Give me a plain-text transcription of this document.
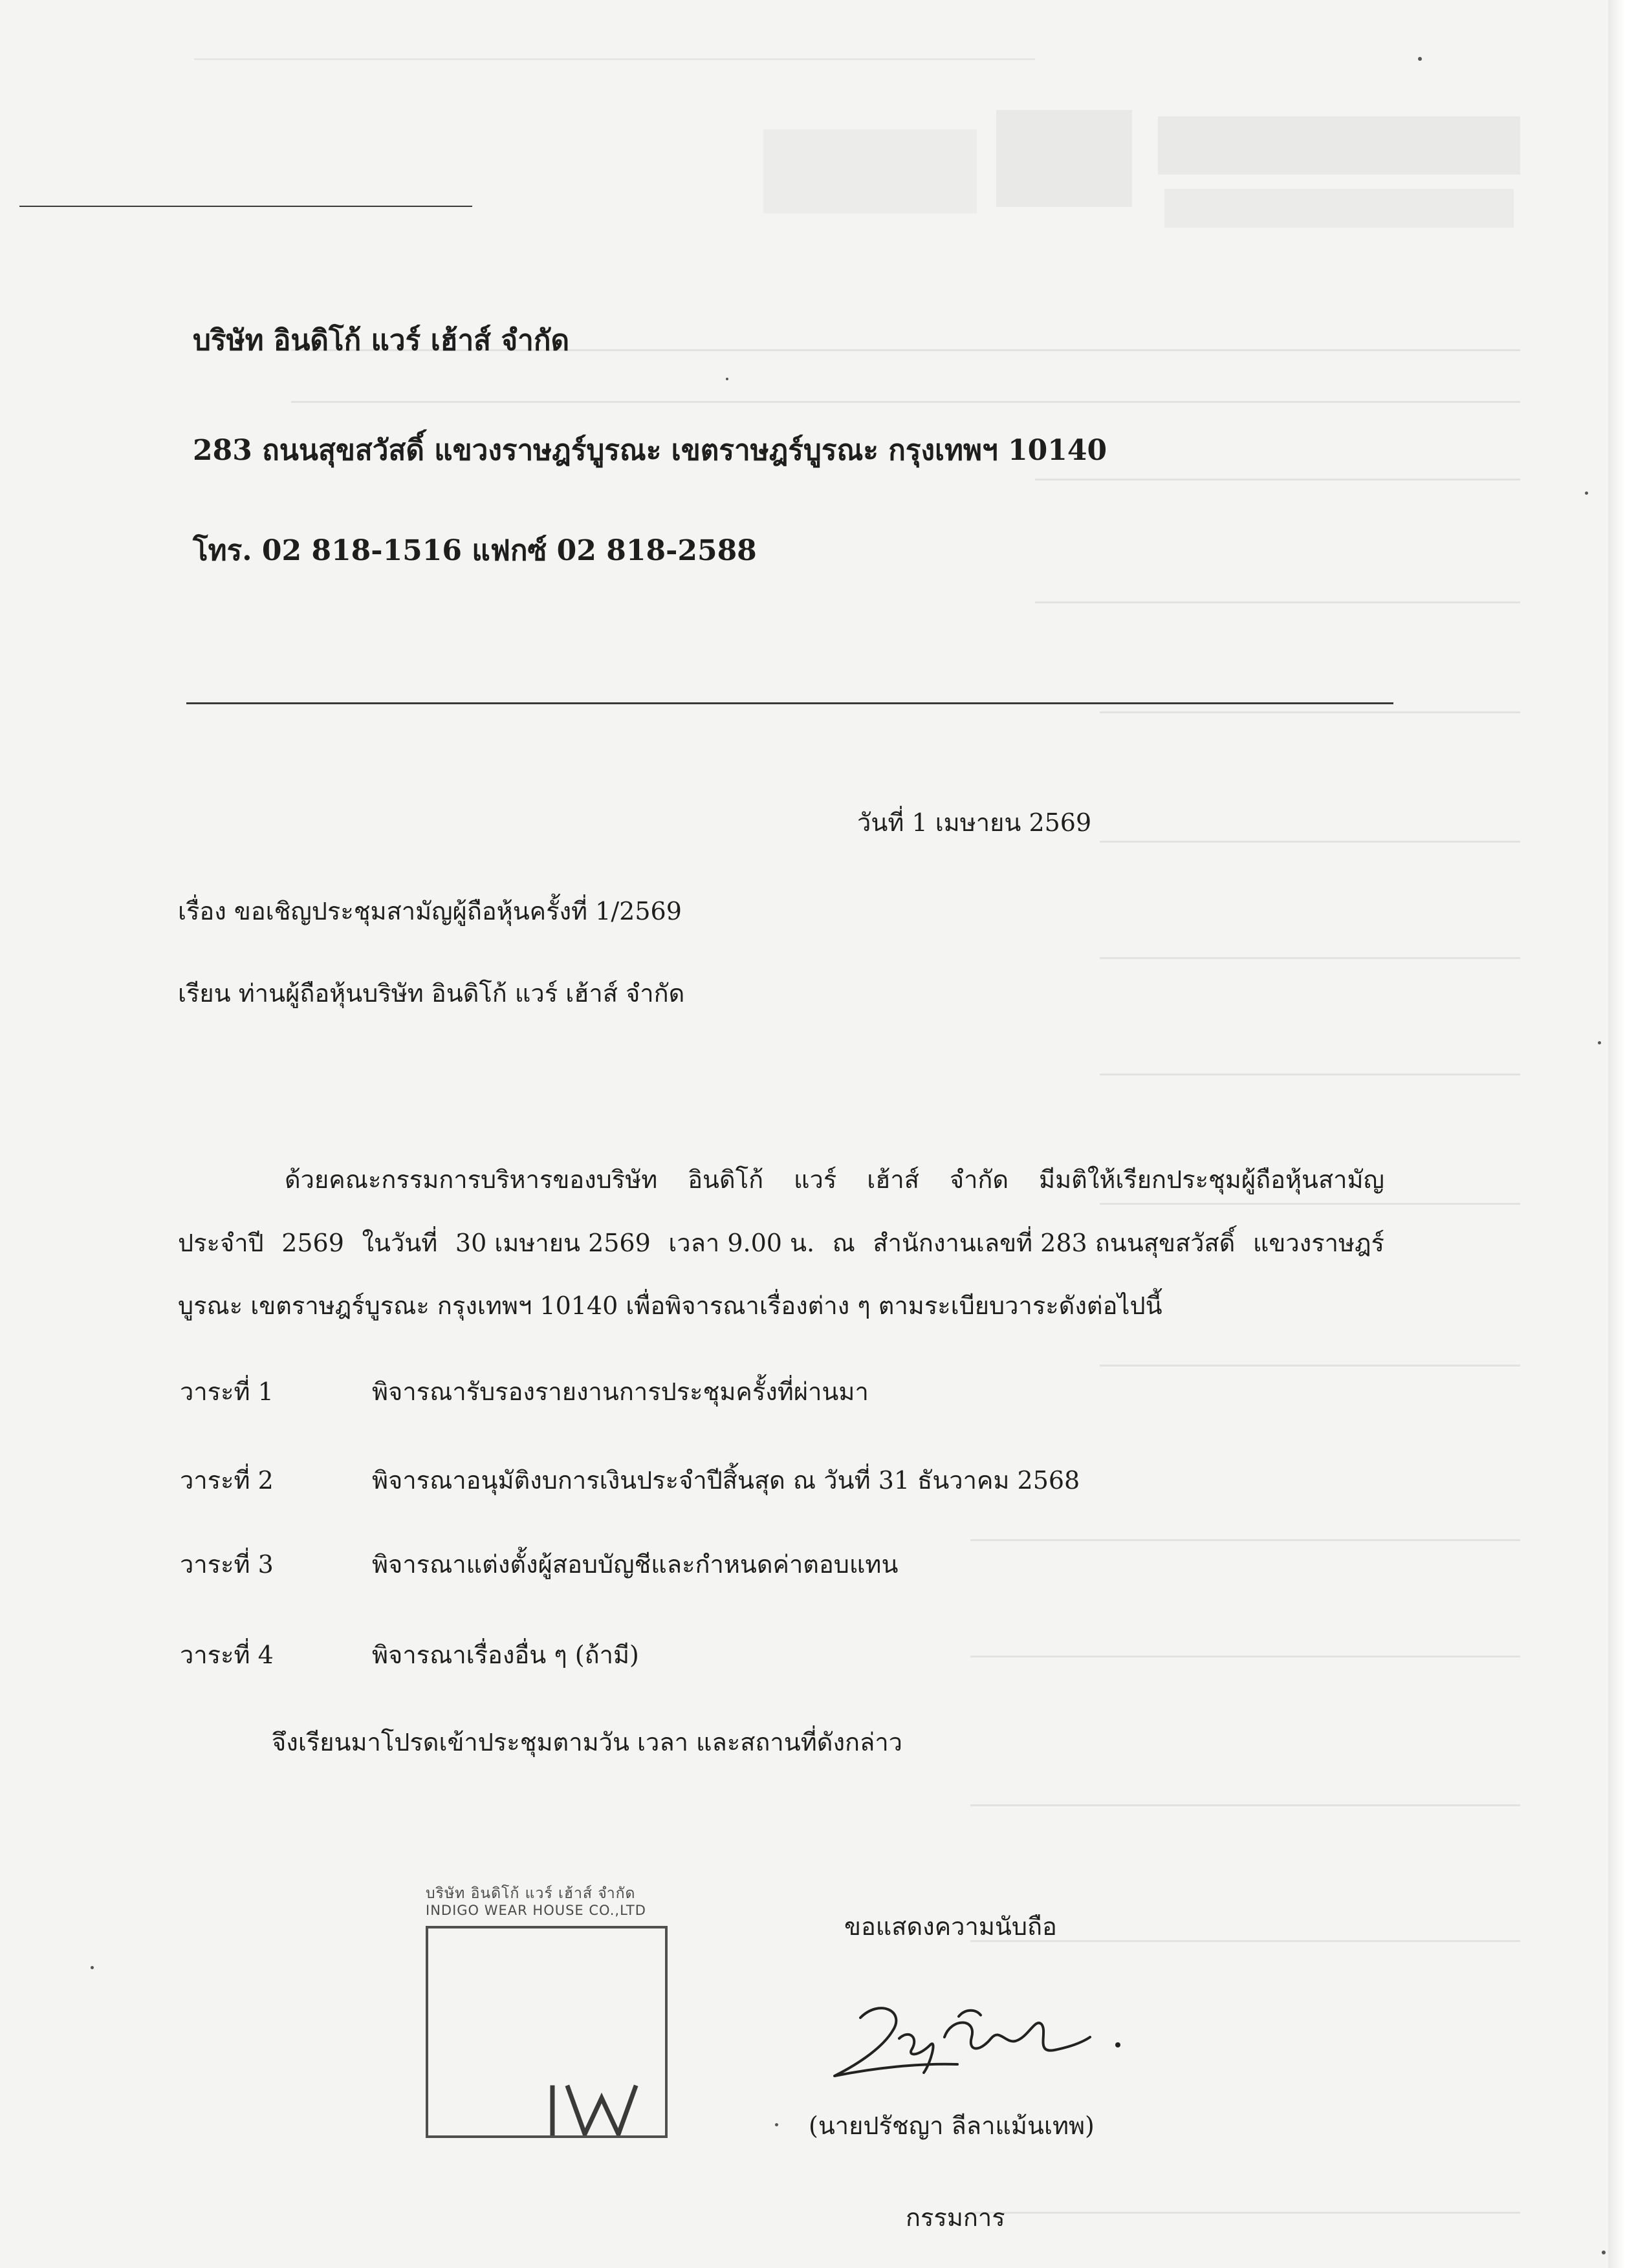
บริษัท อินดิโก้ แวร์ เฮ้าส์ จำกัด
283 ถนนสุขสวัสดิ์ แขวงราษฎร์บูรณะ เขตราษฎร์บูรณะ กรุงเทพฯ 10140
โทร. 02 818-1516 แฟกซ์ 02 818-2588
วันที่ 1 เมษายน 2569
เรื่อง ขอเชิญประชุมสามัญผู้ถือหุ้นครั้งที่ 1/2569
เรียน ท่านผู้ถือหุ้นบริษัท อินดิโก้ แวร์ เฮ้าส์ จำกัด
ด้วยคณะกรรมการบริหารของบริษัท อินดิโก้ แวร์ เฮ้าส์ จำกัด มีมติให้เรียกประชุมผู้ถือหุ้นสามัญ
ประจำปี 2569 ในวันที่ 30 เมษายน 2569 เวลา 9.00 น. ณ สำนักงานเลขที่ 283 ถนนสุขสวัสดิ์ แขวงราษฎร์
บูรณะ เขตราษฎร์บูรณะ กรุงเทพฯ 10140 เพื่อพิจารณาเรื่องต่าง ๆ ตามระเบียบวาระดังต่อไปนี้
วาระที่ 1	พิจารณารับรองรายงานการประชุมครั้งที่ผ่านมา
วาระที่ 2	พิจารณาอนุมัติงบการเงินประจำปีสิ้นสุด ณ วันที่ 31 ธันวาคม 2568
วาระที่ 3	พิจารณาแต่งตั้งผู้สอบบัญชีและกำหนดค่าตอบแทน
วาระที่ 4	พิจารณาเรื่องอื่น ๆ (ถ้ามี)
จึงเรียนมาโปรดเข้าประชุมตามวัน เวลา และสถานที่ดังกล่าว
บริษัท อินดิโก้ แวร์ เฮ้าส์ จำกัด
INDIGO WEAR HOUSE CO.,LTD
ขอแสดงความนับถือ
(นายปรัชญา ลีลาแม้นเทพ)
กรรมการ
